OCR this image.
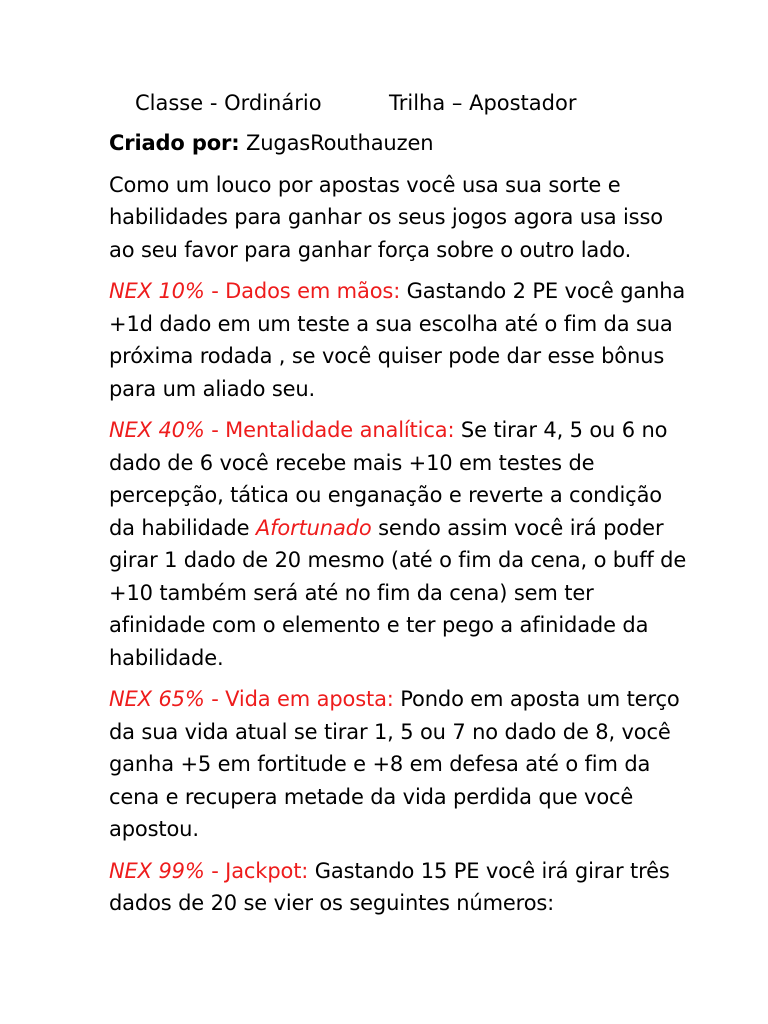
Classe - Ordinário	Trilha – Apostador

Criado por: ZugasRouthauzen

Como um louco por apostas você usa sua sorte e habilidades para ganhar os seus jogos agora usa isso ao seu favor para ganhar força sobre o outro lado.

NEX 10% - Dados em mãos: Gastando 2 PE você ganha +1d dado em um teste a sua escolha até o fim da sua próxima rodada , se você quiser pode dar esse bônus para um aliado seu.

NEX 40% - Mentalidade analítica: Se tirar 4, 5 ou 6 no dado de 6 você recebe mais +10 em testes de percepção, tática ou enganação e reverte a condição da habilidade Afortunado sendo assim você irá poder girar 1 dado de 20 mesmo (até o fim da cena, o buff de +10 também será até no fim da cena) sem ter afinidade com o elemento e ter pego a afinidade da habilidade.

NEX 65% - Vida em aposta: Pondo em aposta um terço da sua vida atual se tirar 1, 5 ou 7 no dado de 8, você ganha +5 em fortitude e +8 em defesa até o fim da cena e recupera metade da vida perdida que você apostou.

NEX 99% - Jackpot: Gastando 15 PE você irá girar três dados de 20 se vier os seguintes números:
